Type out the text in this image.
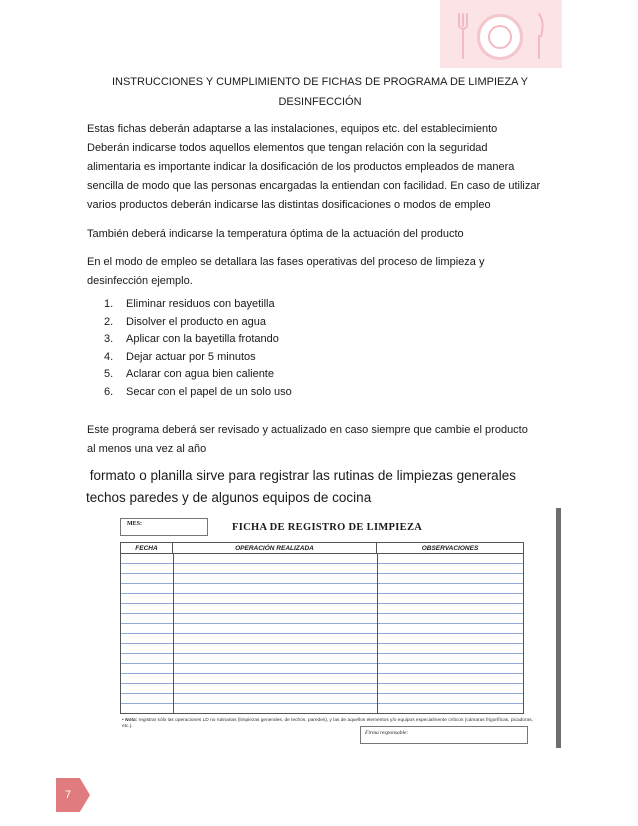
INSTRUCCIONES Y CUMPLIMIENTO DE FICHAS DE PROGRAMA DE LIMPIEZA Y
DESINFECCIÓN
Estas fichas deberán adaptarse a las instalaciones, equipos etc. del establecimiento
Deberán indicarse todos aquellos elementos que tengan relación con la seguridad
alimentaria es importante indicar la dosificación de los productos empleados de manera
sencilla de modo que las personas encargadas la entiendan con facilidad. En caso de utilizar
varios productos deberán indicarse las distintas dosificaciones o modos de empleo
También deberá indicarse la temperatura óptima de la actuación del producto
En el modo de empleo se detallara las fases operativas del proceso de limpieza y
desinfección ejemplo.
1.	Eliminar residuos con bayetilla
2.	Disolver el producto en agua
3.	Aplicar con la bayetilla frotando
4.	Dejar actuar por 5 minutos
5.	Aclarar con agua bien caliente
6.	Secar con el papel de un solo uso
Este programa deberá ser revisado y actualizado en caso siempre que cambie el producto
al menos una vez al año
formato o planilla sirve para registrar las rutinas de limpiezas generales
techos paredes y de algunos equipos de cocina
MES:	FICHA DE REGISTRO DE LIMPIEZA
FECHA	OPERACIÓN REALIZADA	OBSERVACIONES
• Nota: registrar sólo las operaciones LD no rutinarias (limpiezas generales, de techos, paredes), y las de aquellos elementos y/o equipos especialmente críticos (cámaras frigoríficas, picadoras, etc.).
Firma responsable:
7
